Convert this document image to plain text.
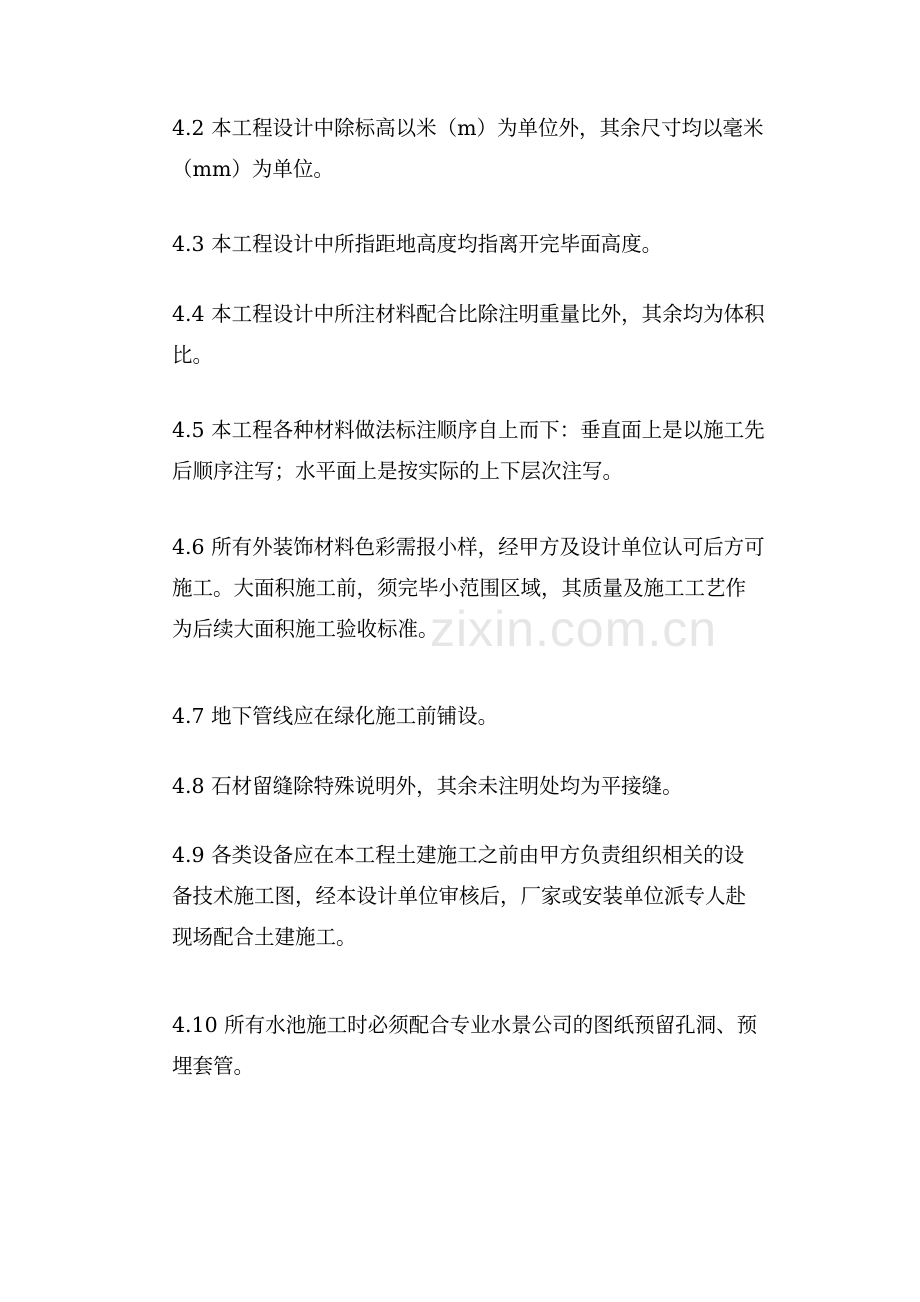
4.2 本工程设计中除标高以米（m）为单位外，其余尺寸均以毫米
（mm）为单位。
4.3 本工程设计中所指距地高度均指离开完毕面高度。
4.4 本工程设计中所注材料配合比除注明重量比外，其余均为体积
比。
4.5 本工程各种材料做法标注顺序自上而下：垂直面上是以施工先
后顺序注写；水平面上是按实际的上下层次注写。
4.6 所有外装饰材料色彩需报小样，经甲方及设计单位认可后方可
施工。大面积施工前，须完毕小范围区域，其质量及施工工艺作
为后续大面积施工验收标准。
4.7 地下管线应在绿化施工前铺设。
4.8 石材留缝除特殊说明外，其余未注明处均为平接缝。
4.9 各类设备应在本工程土建施工之前由甲方负责组织相关的设
备技术施工图，经本设计单位审核后，厂家或安装单位派专人赴
现场配合土建施工。
4.10 所有水池施工时必须配合专业水景公司的图纸预留孔洞、预
埋套管。
zixin.com.cn
